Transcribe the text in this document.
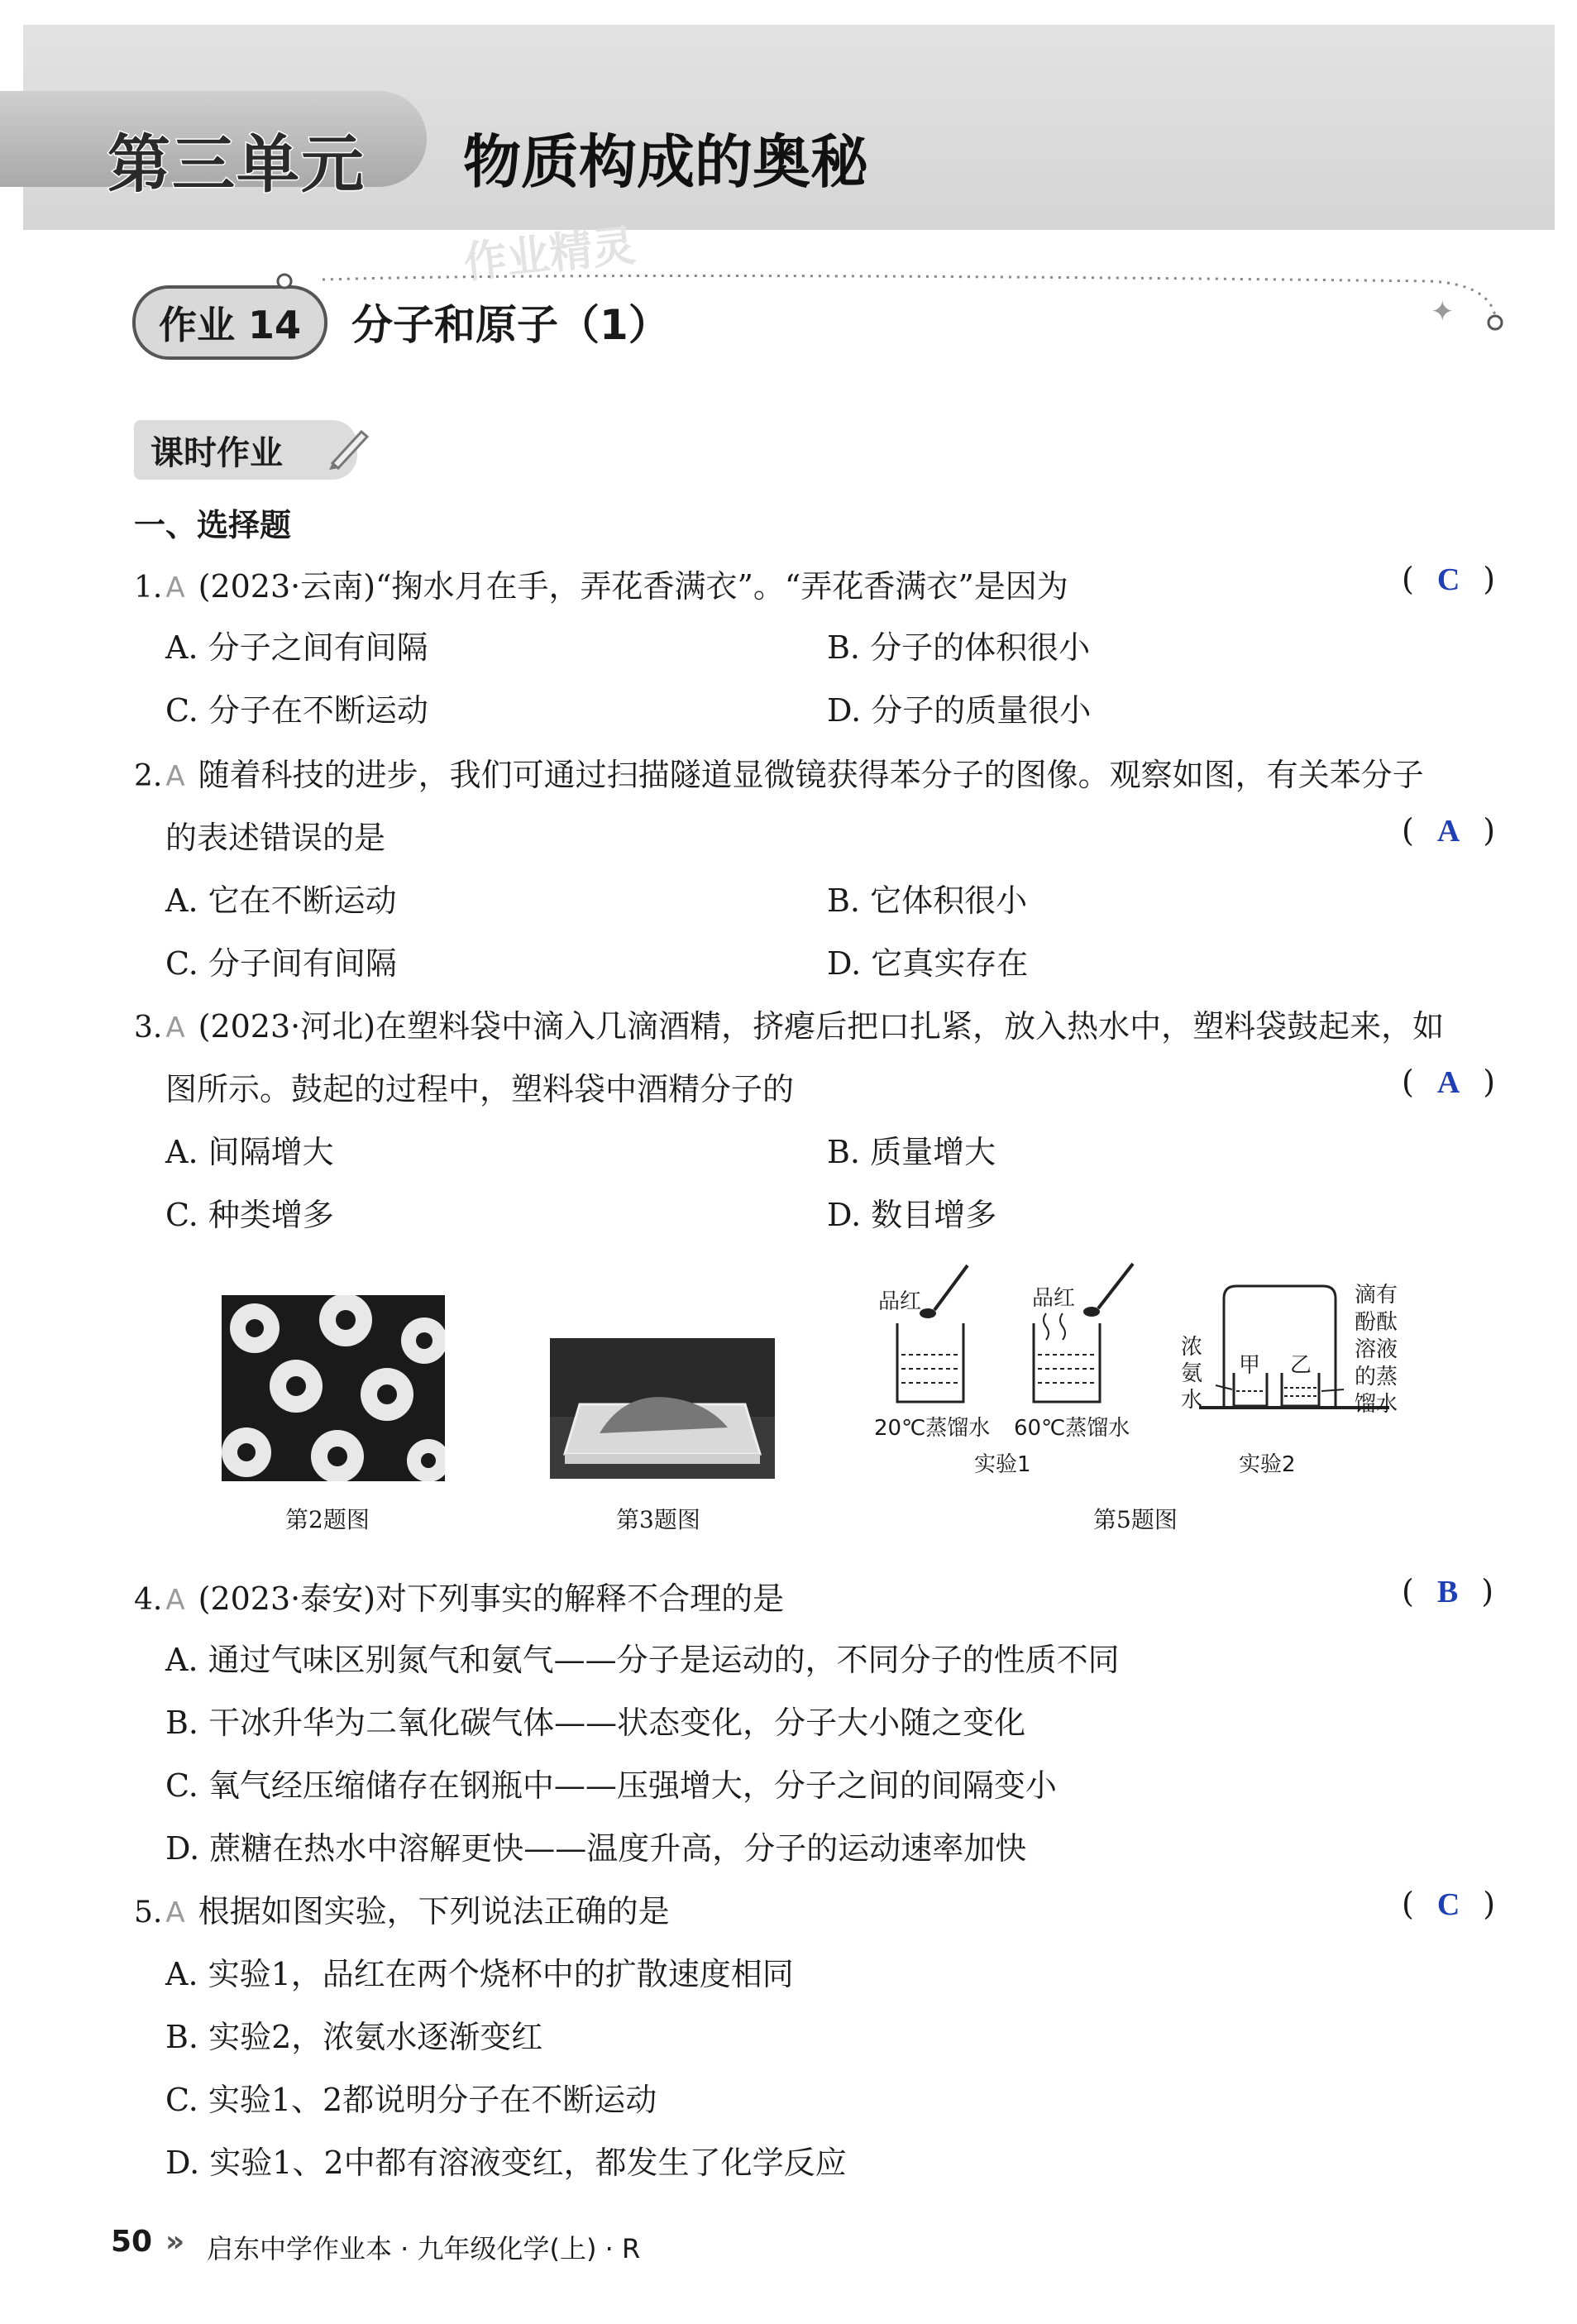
第三单元 物质构成的奥秘
作业精灵
作业 14	分子和原子（1）	✦
课时作业
一、选择题
1. A (2023·云南)“掬水月在手，弄花香满衣”。“弄花香满衣”是因为	( C )
A. 分子之间有间隔	B. 分子的体积很小
C. 分子在不断运动	D. 分子的质量很小
2. A 随着科技的进步，我们可通过扫描隧道显微镜获得苯分子的图像。观察如图，有关苯分子
的表述错误的是	( A )
A. 它在不断运动	B. 它体积很小
C. 分子间有间隔	D. 它真实存在
3. A (2023·河北)在塑料袋中滴入几滴酒精，挤瘪后把口扎紧，放入热水中，塑料袋鼓起来，如
图所示。鼓起的过程中，塑料袋中酒精分子的	( A )
A. 间隔增大	B. 质量增大
C. 种类增多	D. 数目增多
第2题图	第3题图
品红	品红
20℃蒸馏水 60℃蒸馏水
实验1
浓
氨
水
甲 乙
滴有
酚酞
溶液
的蒸
馏水
实验2
第5题图
4. A (2023·泰安)对下列事实的解释不合理的是	( B )
A. 通过气味区别氮气和氨气——分子是运动的，不同分子的性质不同
B. 干冰升华为二氧化碳气体——状态变化，分子大小随之变化
C. 氧气经压缩储存在钢瓶中——压强增大，分子之间的间隔变小
D. 蔗糖在热水中溶解更快——温度升高，分子的运动速率加快
5. A 根据如图实验，下列说法正确的是	( C )
A. 实验1，品红在两个烧杯中的扩散速度相同
B. 实验2，浓氨水逐渐变红
C. 实验1、2都说明分子在不断运动
D. 实验1、2中都有溶液变红，都发生了化学反应
50 » 启东中学作业本 · 九年级化学(上) · R
